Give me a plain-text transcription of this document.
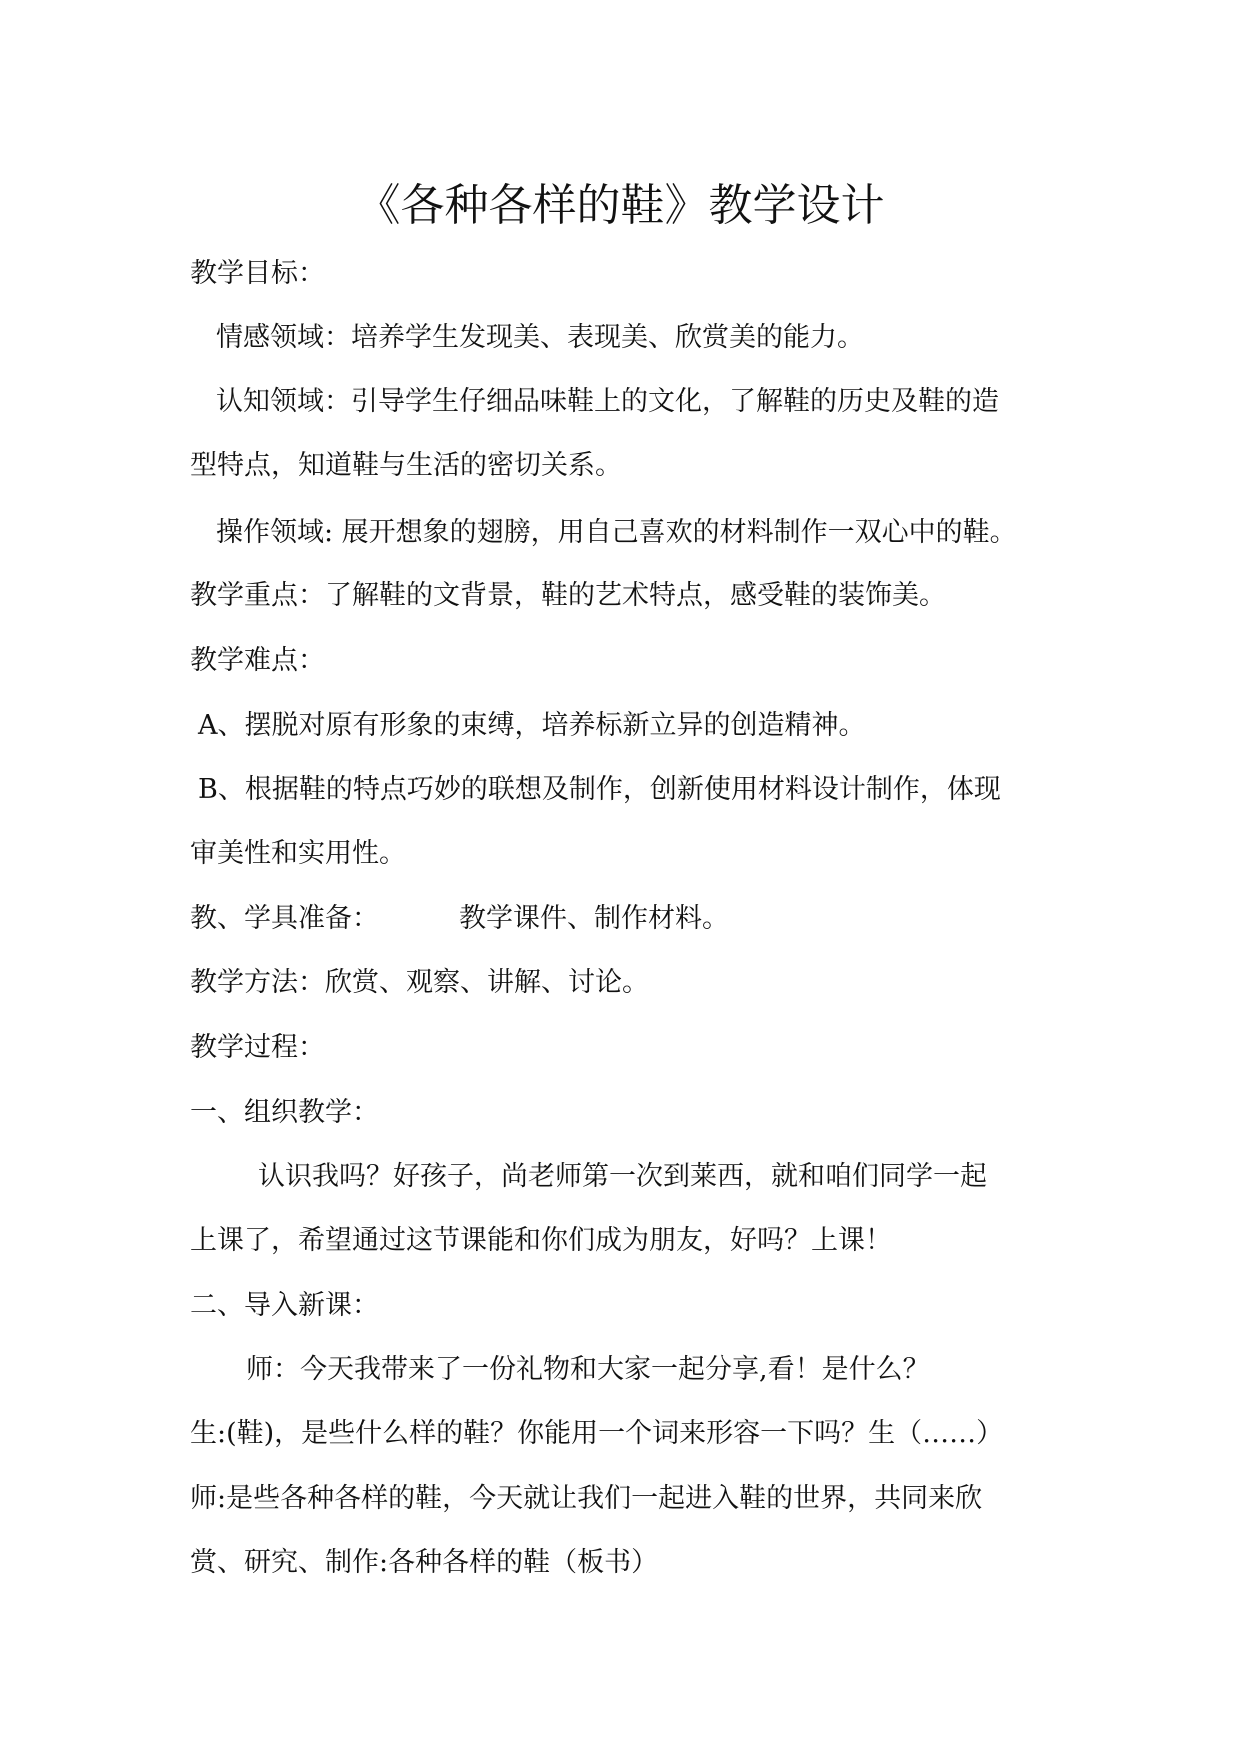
《各种各样的鞋》教学设计
教学目标：
情感领域：培养学生发现美、表现美、欣赏美的能力。
认知领域：引导学生仔细品味鞋上的文化，了解鞋的历史及鞋的造
型特点，知道鞋与生活的密切关系。
操作领域: 展开想象的翅膀，用自己喜欢的材料制作一双心中的鞋。
教学重点：了解鞋的文背景，鞋的艺术特点，感受鞋的装饰美。
教学难点：
A、摆脱对原有形象的束缚，培养标新立异的创造精神。
B、根据鞋的特点巧妙的联想及制作，创新使用材料设计制作，体现
审美性和实用性。
教、学具准备：	教学课件、制作材料。
教学方法：欣赏、观察、讲解、讨论。
教学过程：
一、组织教学：
认识我吗？好孩子，尚老师第一次到莱西，就和咱们同学一起
上课了，希望通过这节课能和你们成为朋友，好吗？上课！
二、导入新课：
师：今天我带来了一份礼物和大家一起分享,看！是什么？
生:(鞋)，是些什么样的鞋？你能用一个词来形容一下吗？生（……）
师:是些各种各样的鞋，今天就让我们一起进入鞋的世界，共同来欣
赏、研究、制作:各种各样的鞋（板书）
